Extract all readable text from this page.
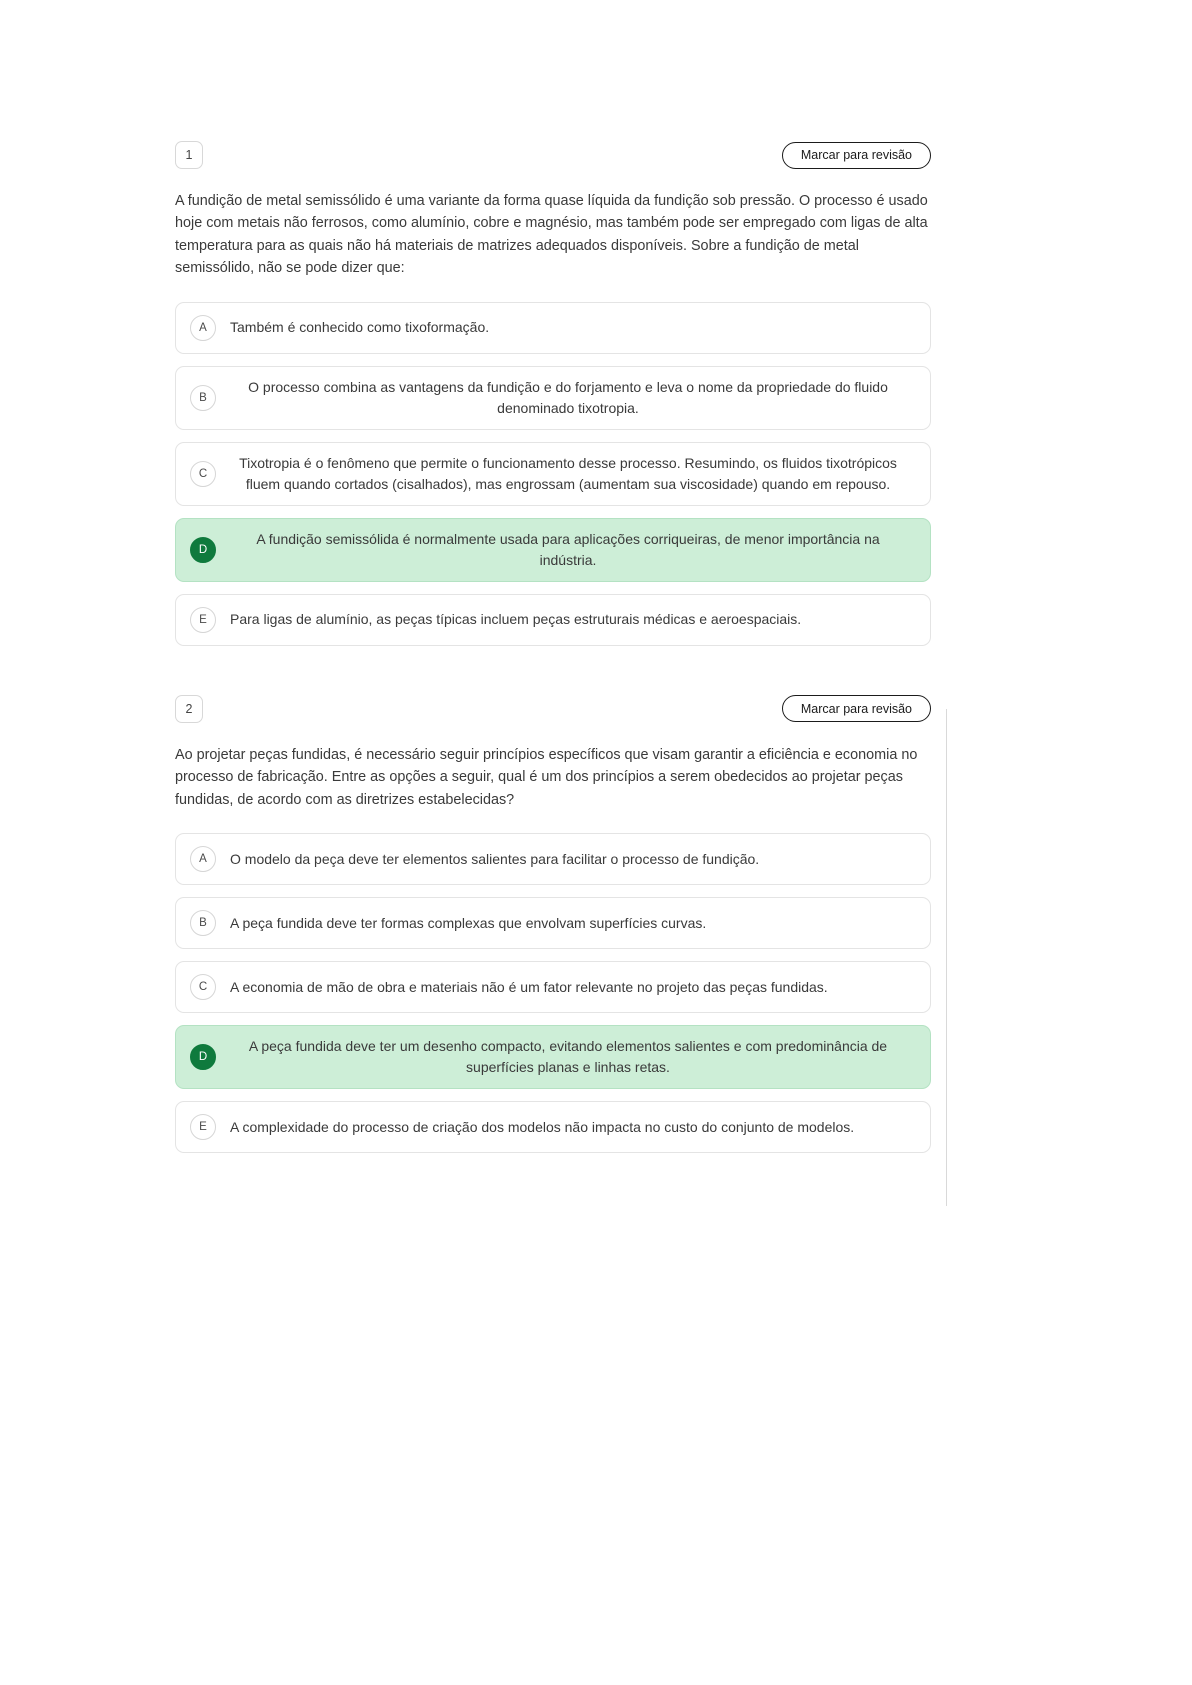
1	Marcar para revisão

A fundição de metal semissólido é uma variante da forma quase líquida da fundição sob pressão. O processo é usado hoje com metais não ferrosos, como alumínio, cobre e magnésio, mas também pode ser empregado com ligas de alta temperatura para as quais não há materiais de matrizes adequados disponíveis. Sobre a fundição de metal semissólido, não se pode dizer que:

A	Também é conhecido como tixoformação.
B
O processo combina as vantagens da fundição e do forjamento e leva o nome da propriedade do fluido denominado tixotropia.
C
Tixotropia é o fenômeno que permite o funcionamento desse processo. Resumindo, os fluidos tixotrópicos fluem quando cortados (cisalhados), mas engrossam (aumentam sua viscosidade) quando em repouso.
D
A fundição semissólida é normalmente usada para aplicações corriqueiras, de menor importância na indústria.
E	Para ligas de alumínio, as peças típicas incluem peças estruturais médicas e aeroespaciais.
2	Marcar para revisão

Ao projetar peças fundidas, é necessário seguir princípios específicos que visam garantir a eficiência e economia no processo de fabricação. Entre as opções a seguir, qual é um dos princípios a serem obedecidos ao projetar peças fundidas, de acordo com as diretrizes estabelecidas?

A	O modelo da peça deve ter elementos salientes para facilitar o processo de fundição.
B	A peça fundida deve ter formas complexas que envolvam superfícies curvas.
C	A economia de mão de obra e materiais não é um fator relevante no projeto das peças fundidas.
D
A peça fundida deve ter um desenho compacto, evitando elementos salientes e com predominância de superfícies planas e linhas retas.
E	A complexidade do processo de criação dos modelos não impacta no custo do conjunto de modelos.
